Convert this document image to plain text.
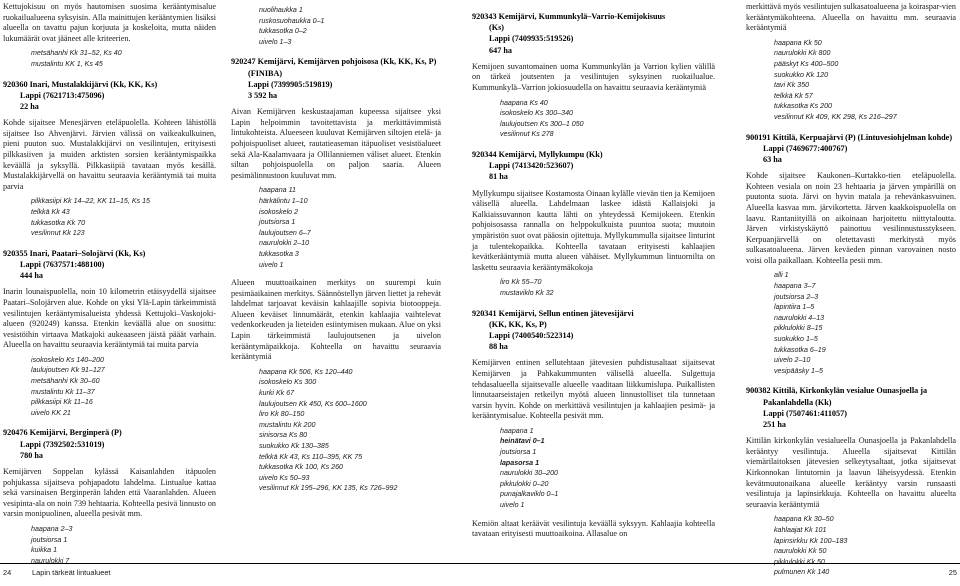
Kettujokisuu on myös hautomisen suosima kerääntymisalue ruokailualueena syksyisin. Alla mainittujen kerääntymien lisäksi alueella on tavattu pajun korjuuta ja koskeloita, mutta näiden lukumäärät ovat jääneet alle kriteerien.

metsähanhi Kk 31–52, Ks 40
mustalintu KK 1, Ks 45
920360 Inari, Mustalakkijärvi (Kk, KK, Ks)
Lappi (7621713:475096)
22 ha

Kohde sijaitsee Menesjärven eteläpuolella. Kohteen lähistöllä sijaitsee Iso Ahvenjärvi. Järvien välissä on vaikeakulkuinen, pieni puuton suo. Mustalakkijärvi on vesilintujen, erityisesti pilkkasiiven ja muiden arktisten sorsien kerääntymispaikka keväällä ja syksyllä. Pilkkasiipiä tavataan myös kesällä. Mustalakkijärvellä on havaittu seuraavia kerääntymiä tai muita parvia

pilkkasiipi Kk 14–22, KK 11–15, Ks 15
telkkä Kk 43
tukkasotka Kk 70
vesilinnut Kk 123
920355 Inari, Paatari–Solojärvi (Kk, Ks)
Lappi (7637571:488100)
444 ha

Inarin lounaispuolella, noin 10 kilometrin etäisyydellä sijaitsee Paatari–Solojärven alue. Kohde on yksi Ylä-Lapin tärkeimmistä vesilintujen kerääntymisalueista yhdessä Kettujoki–Vaskojoki-alueen (920249) kanssa. Etenkin keväällä alue on suosittu: vesistöihin virtaava Matkajoki aukeaaseen jäistä pääät varhain. Alueella on havaittu seuraavia kerääntymiä tai muita parvia

isokoskelo Ks 140–200
laulujoutsen Kk 91–127
metsähanhi Kk 30–60
mustalintu Kk 11–37
pilkkasiipi Kk 11–16
uivelo KK 21
920476 Kemijärvi, Berginperä (P)
Lappi (7392502:531019)
780 ha

Kemijärven Soppelan kylässä Kaisanlahden itäpuolen pohjukassa sijaitseva pohjapadotu lahdelma. Lintualue kattaa sekä varsinaisen Berginperän lahden että Vaaranlahden. Alueen vesipinta-ala on noin 739 hehtaaria. Kohteella pesivä linnusto on varsin monipuolinen, alueella pesivät mm.

haapana 2–3
joutsiorsa 1
kuikka 1
naurulokki 7
nuolihaukka 1
ruskosuohaukka 0–1
tukkasotka 0–2
uivelo 1–3
920247 Kemijärvi, Kemijärven pohjoisosa (Kk, KK, Ks, P)
(FINIBA)
Lappi (7399905:519819)
3 592 ha

Aivan Kemijärven keskustaajaman kupeessa sijaitsee yksi Lapin helpoimmin tavoitettavista ja merkittävimmistä lintukohteista. Alueeseen kuuluvat Kemijärven siltojen etelä- ja pohjoispuoliset alueet, rautatieaseman itäpuoliset vesistöalueet sekä Ala-Kaalamvaara ja Ollilanniemen väliset alueet. Etenkin siltan pohjoispuolella on paljon saaria. Alueen pesimälinnustoon kuuluvat mm.

haapana 11
härkälintu 1–10
isokoskelo 2
joutsiorsa 1
laulujoutsen 6–7
naurulokki 2–10
tukkasotka 3
uivelo 1

Alueen muuttoaikainen merkitys on suurempi kuin pesimäaikainen merkitys. Säännöstellyn järven liettet ja rehevät lahdelmat tarjoavat keväisin kahlaajille sopivia biotooppeja. Alueen keväiset linnumäärät, etenkin kahlaajia vaihtelevat vedenkorkeuden ja lieteiden esiintymisen mukaan. Alue on yksi Lapin tärkeimmistä laulujoutsenen ja uivelon kerääntymäpaikkoja. Kohteella on havaittu seuraavia kerääntymiä

haapana Kk 506, Ks 120–440
isokoskelo Ks 300
kurki Kk 67
laulujoutsen Kk 450, Ks 600–1600
liro Kk 80–150
mustalintu Kk 200
sinisorsa Ks 80
suokukko Kk 130–385
telkkä Kk 43, Ks 110–395, KK 75
tukkasotka Kk 100, Ks 260
uivelo Ks 50–93
vesilinnut Kk 195–296, KK 135, Ks 726–992
920343 Kemijärvi, Kummunkylä–Varrio-Kemijokisuus
(Ks)
Lappi (7409935:519526)
647 ha

Kemijoen suvantomainen uoma Kummunkylän ja Varrion kylien välillä on tärkeä joutsenten ja vesilintujen syksyinen ruokailualue. Kummunkylä–Varrion jokiosuudella on havaittu seuraavia kerääntymiä

haapana Ks 40
isokoskelo Ks 300–340
laulujoutsen Ks 300–1 050
vesilinnut Ks 278
920344 Kemijärvi, Myllykumpu (Kk)
Lappi (7413420:523607)
81 ha

Myllykumpu sijaitsee Kostamosta Oinaan kylälle vievän tien ja Kemijoen välisellä alueella. Lahdelmaan laskee idästä Kallaisjoki ja Kalkiaissuvannon kautta lähti on yhteydessä Kemijokeen. Etenkin pohjoisosassa rannalla on helppokulkuista puuntoa suota; muutoin ympäristön suot ovat pääosin ojitettuja. Myllykummulla sijaitsee linturint ja tulentekopaikka. Kohteella tavataan erityisesti kahlaajien kevätkerääntymiä mutta alueen vähäiset. Myllykummun lintuornilta on laskettu seuraavia kerääntymäkokoja

liro Kk 55–70
mustaviklo Kk 32
920341 Kemijärvi, Sellun entinen jätevesijärvi
(KK, KK, Ks, P)
Lappi (7400540:522314)
88 ha

Kemijärven entinen sellutehtaan jätevesien puhdistusaltaat sijaitsevat Kemijärven ja Pahkakummunten välisellä alueella. Sulgettuja tehdasalueella sijaitsevalle alueelle vaaditaan liikkumislupa. Puikallisten linnutaarseistajen retkeilyn myötä alueen linnustolliset tila tunnetaan varsin hyvin. Kohde on merkittävä vesilintujen ja kahlaajien pesimä- ja kerääntymisalue. Kohteella pesivät mm.

haapana 1
heinätavi 0–1
joutsiorsa 1
lapasorsa 1
naurulokki 30–200
pikkulokki 0–20
punajalkaviklo 0–1
uivelo 1

Kemiön altaat keräävät vesilintuja keväällä syksyyn. Kahlaajia kohteella tavataan erityisesti muuttoaikoina. Allasalue on

merkittävä myös vesilintujen sulkasatoalueena ja koiraspar-vien kerääntymäkohteena. Alueella on havaittu mm. seuraavia kerääntymiä

haapana Kk 50
naurulokki Kk 800
pääskyt Ks 400–500
suokukko Kk 120
tavi Kk 350
telkkä Kk 57
tukkasotka Ks 200
vesilinnut Kk 409, KK 298, Ks 216–297
900191 Kittilä, Kerpuajärvi (P) (Lintuvesiohjelman kohde)
Lappi (7469677:400767)
63 ha

Kohde sijaitsee Kaukonen–Kurtakko-tien eteläpuolella. Kohteen vesiala on noin 23 hehtaaria ja järven ympärillä on puutonta suota. Järvi on hyvin matala ja rehevänkasvuinen. Alueella kasvaa mm. järvikortetta. Järven kaakkoispuolella on laavu. Rantaniityillä on aikoinaan harjoitettu niittytaloutta. Järven virkistyskäyttö painottuu vesilinnustusstykseen. Kerpuanjärvellä on oletettavasti merkitystä myös sulkasatoalueena. Järven keväeden pinnan varovainen nosto voisi olla paikallaan. Kohteella pesii mm.

alli 1
haapana 3–7
joutsiorsa 2–3
lapintiira 1–5
naurulokki 4–13
pikkulokki 8–15
suokukko 1–5
tukkasotka 6–19
uivelo 2–10
vesipääsky 1–5
900382 Kittilä, Kirkonkylän vesialue Ounasjoella ja
Pakanlahdella (Kk)
Lappi (7507461:411057)
251 ha

Kittilän kirkonkylän vesialueella Ounasjoella ja Pakanlahdella kerääntyy vesilintuja. Alueella sijaitsevat Kittilän viemärilaitoksen jätevesien selkeytysaltaat, jotka sijaitsevat Kirkonnokan lintutornin ja laavun läheisyydessä. Etenkin kevätmuutonaikana alueelle kerääntyy varsin runsaasti vesilintuja ja lapinsirkkuja. Kohteella on havaittu alueelta seuraavia kerääntymiä

haapana Kk 30–50
kahlaajat Kk 101
lapinsirkku Kk 100–183
naurulokki Kk 50
pikkulokki Kk 50
pulmunen Kk 140
24	Lapin tärkeät lintualueet	25
